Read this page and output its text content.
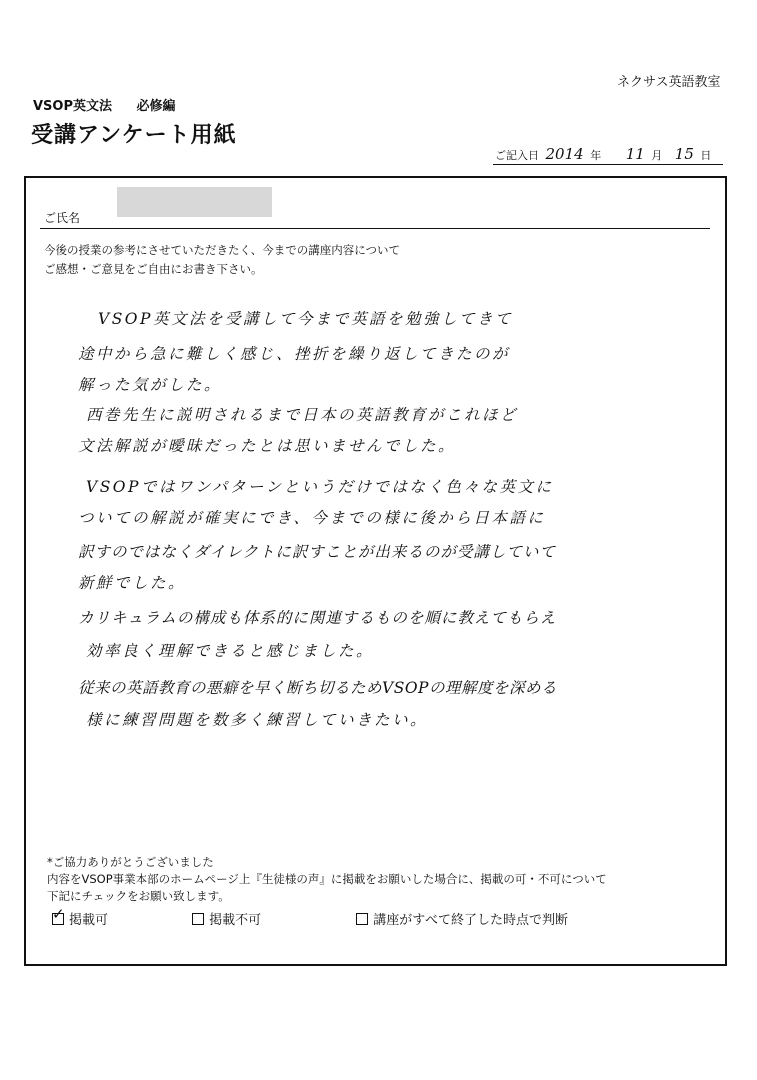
ネクサス英語教室
VSOP英文法 必修編
受講アンケート用紙
ご記入日 2014 年 11 月 15 日
ご氏名
今後の授業の参考にさせていただきたく、今までの講座内容について
ご感想・ご意見をご自由にお書き下さい。
VSOP英文法を受講して今まで英語を勉強してきて
途中から急に難しく感じ、挫折を繰り返してきたのが
解った気がした。
西巻先生に説明されるまで日本の英語教育がこれほど
文法解説が曖昧だったとは思いませんでした。
VSOPではワンパターンというだけではなく色々な英文に
ついての解説が確実にでき、今までの様に後から日本語に
訳すのではなくダイレクトに訳すことが出来るのが受講していて
新鮮でした。
カリキュラムの構成も体系的に関連するものを順に教えてもらえ
効率良く理解できると感じました。
従来の英語教育の悪癖を早く断ち切るためVSOPの理解度を深める
様に練習問題を数多く練習していきたい。
*ご協力ありがとうございました
内容をVSOP事業本部のホームページ上『生徒様の声』に掲載をお願いした場合に、掲載の可・不可について
下記にチェックをお願い致します。
✓掲載可	掲載不可	講座がすべて終了した時点で判断
